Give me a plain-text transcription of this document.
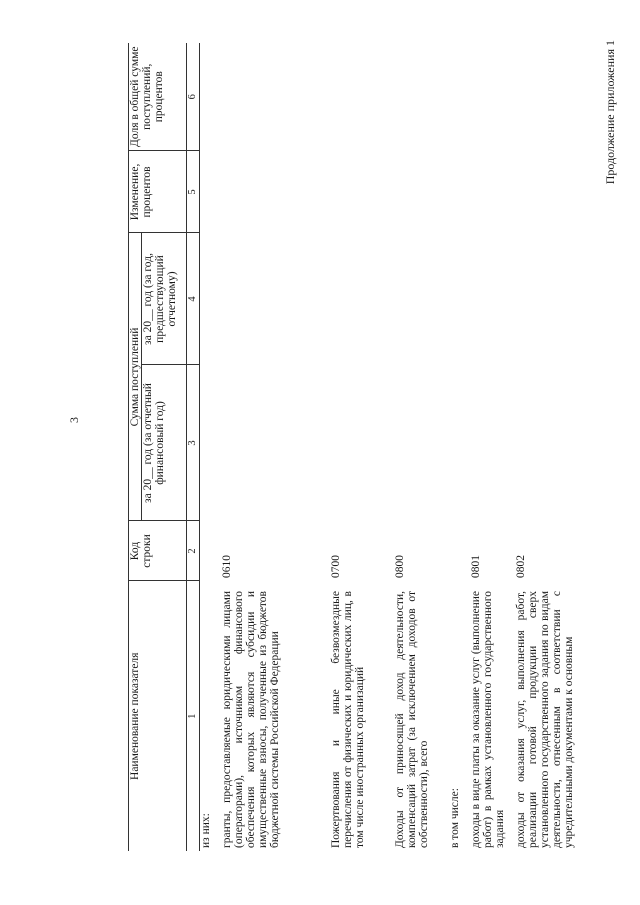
3
Продолжение приложения 1
Наименование показателя	Код строки	Сумма поступлений		Изменение, процентов	Доля в общей сумме поступлений, процентов
		за 20__ год (за отчетный финансовый год)	за 20__ год (за год, предшествующий отчетному)		
1	2	3	4	5	6
из них:					
гранты, предоставляемые юридическими лицами (операторами), источником финансового обеспечения которых являются субсидии и имущественные взносы, полученные из бюджетов бюджетной системы Российской Федерации	0610				
Пожертвования и иные безвозмездные перечисления от физических и юридических лиц, в том числе иностранных организаций	0700				
Доходы от приносящей доход деятельности, компенсаций затрат (за исключением доходов от собственности), всего	0800				
в том числе:					
доходы в виде платы за оказание услуг (выполнение работ) в рамках установленного государственного задания	0801				
доходы от оказания услуг, выполнения работ, реализации готовой продукции сверх установленного государственного задания по видам деятельности, отнесенным в соответствии с учредительными документами к основным	0802				
